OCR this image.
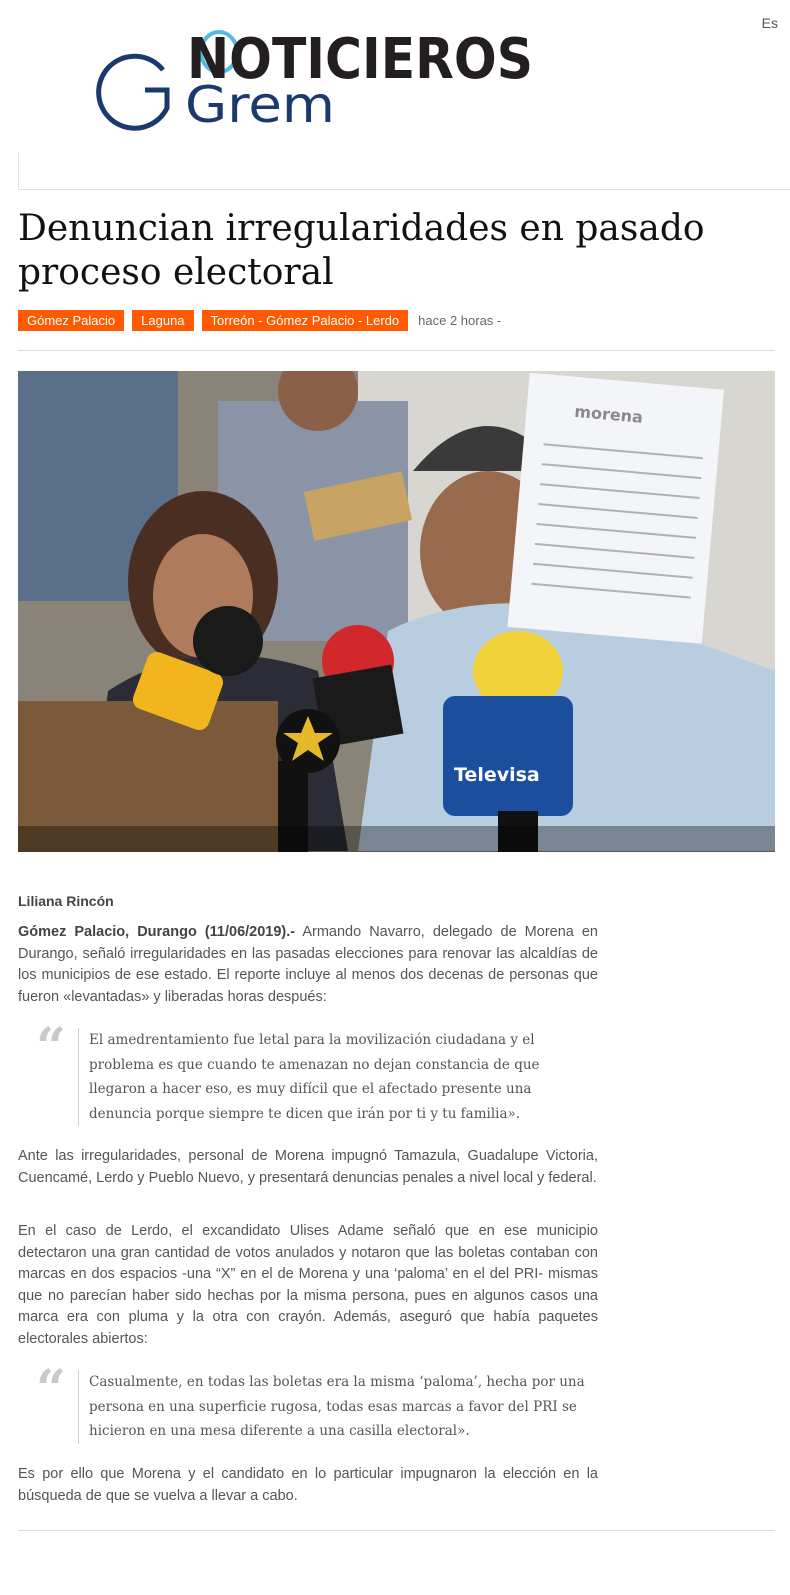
Es
NOTICIEROS
Grem
Denuncian irregularidades en pasado proceso electoral
Gómez Palacio	Laguna	Torreón - Gómez Palacio - Lerdo	hace 2 horas -
morena
Televisa
Liliana Rincón

Gómez Palacio, Durango (11/06/2019).- Armando Navarro, delegado de Morena en Durango, señaló irregularidades en las pasadas elecciones para renovar las alcaldías de los municipios de ese estado. El reporte incluye al menos dos decenas de personas que fueron «levantadas» y liberadas horas después:

“	El amedrentamiento fue letal para la movilización ciudadana y el problema es que cuando te amenazan no dejan constancia de que llegaron a hacer eso, es muy difícil que el afectado presente una denuncia porque siempre te dicen que irán por ti y tu familia».

Ante las irregularidades, personal de Morena impugnó Tamazula, Guadalupe Victoria, Cuencamé, Lerdo y Pueblo Nuevo, y presentará denuncias penales a nivel local y federal.

En el caso de Lerdo, el excandidato Ulises Adame señaló que en ese municipio detectaron una gran cantidad de votos anulados y notaron que las boletas contaban con marcas en dos espacios -una “X” en el de Morena y una ‘paloma’ en el del PRI- mismas que no parecían haber sido hechas por la misma persona, pues en algunos casos una marca era con pluma y la otra con crayón. Además, aseguró que había paquetes electorales abiertos:

“	Casualmente, en todas las boletas era la misma ‘paloma’, hecha por una persona en una superficie rugosa, todas esas marcas a favor del PRI se hicieron en una mesa diferente a una casilla electoral».

Es por ello que Morena y el candidato en lo particular impugnaron la elección en la búsqueda de que se vuelva a llevar a cabo.
